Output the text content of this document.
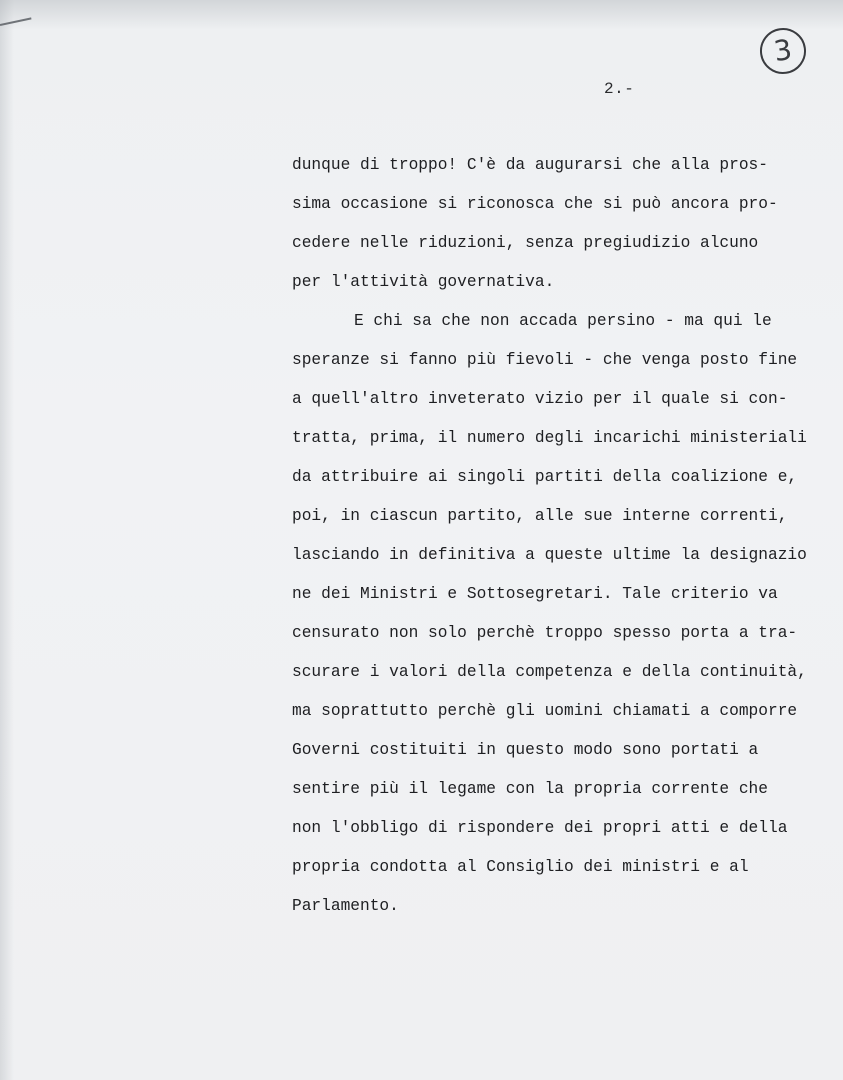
3
2.-
dunque di troppo! C'è da augurarsi che alla pros-
sima occasione si riconosca che si può ancora pro-
cedere nelle riduzioni, senza pregiudizio alcuno
per l'attività governativa.
E chi sa che non accada persino - ma qui le
speranze si fanno più fievoli - che venga posto fine
a quell'altro inveterato vizio per il quale si con-
tratta, prima, il numero degli incarichi ministeriali
da attribuire ai singoli partiti della coalizione e,
poi, in ciascun partito, alle sue interne correnti,
lasciando in definitiva a queste ultime la designazio
ne dei Ministri e Sottosegretari. Tale criterio va
censurato non solo perchè troppo spesso porta a tra-
scurare i valori della competenza e della continuità,
ma soprattutto perchè gli uomini chiamati a comporre
Governi costituiti in questo modo sono portati a
sentire più il legame con la propria corrente che
non l'obbligo di rispondere dei propri atti e della
propria condotta al Consiglio dei ministri e al
Parlamento.
